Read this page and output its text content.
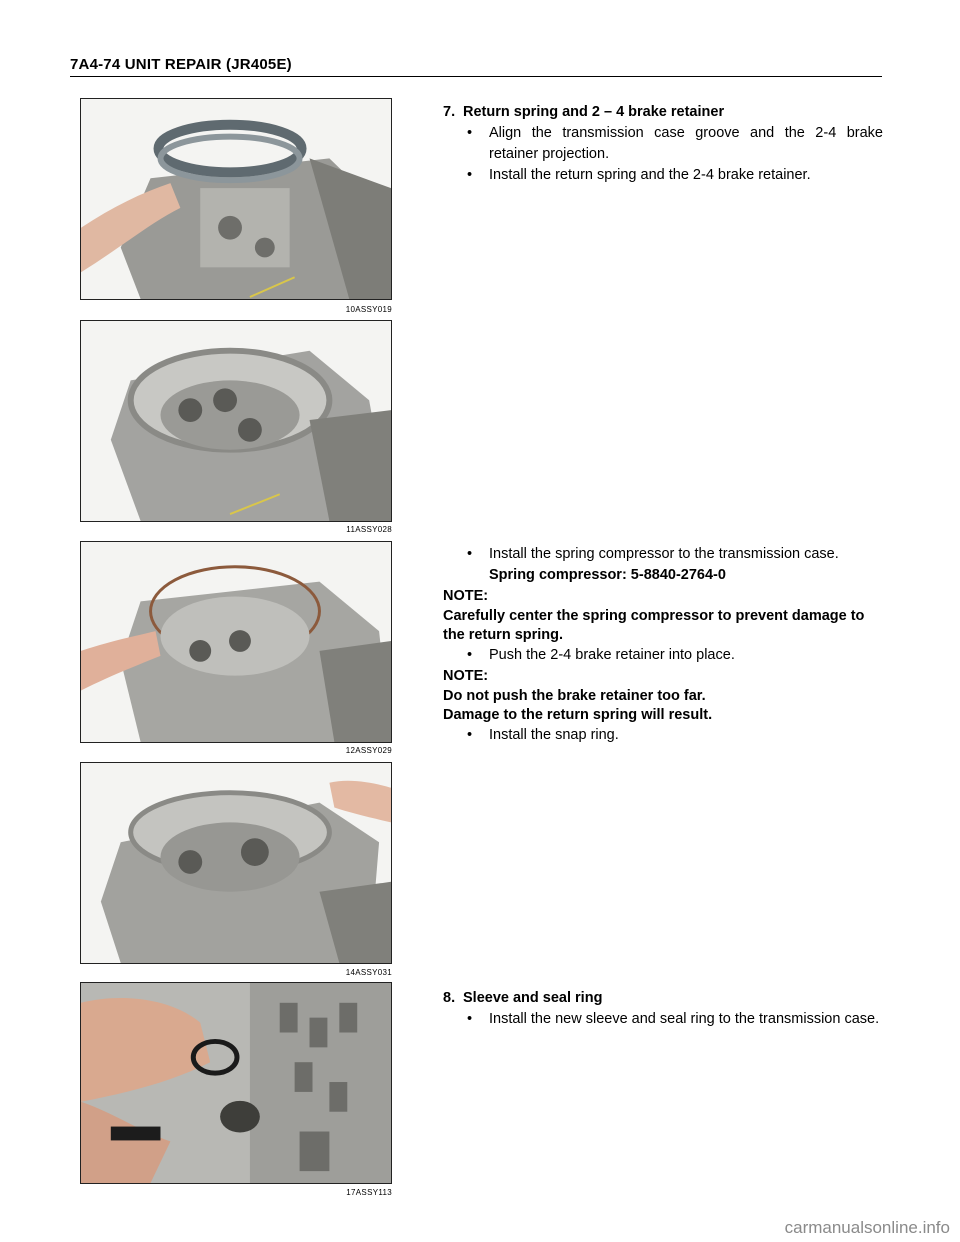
7A4-74 UNIT REPAIR (JR405E)
10ASSY019
11ASSY028
12ASSY029
14ASSY031
17ASSY113
7. Return spring and 2 – 4 brake retainer
• Align the transmission case groove and the 2-4 brake retainer projection.
• Install the return spring and the 2-4 brake retainer.
• Install the spring compressor to the transmission case.
Spring compressor: 5-8840-2764-0
NOTE:
Carefully center the spring compressor to prevent damage to the return spring.
• Push the 2-4 brake retainer into place.
NOTE:
Do not push the brake retainer too far.
Damage to the return spring will result.
• Install the snap ring.
8. Sleeve and seal ring
• Install the new sleeve and seal ring to the transmission case.
carmanualsonline.info
